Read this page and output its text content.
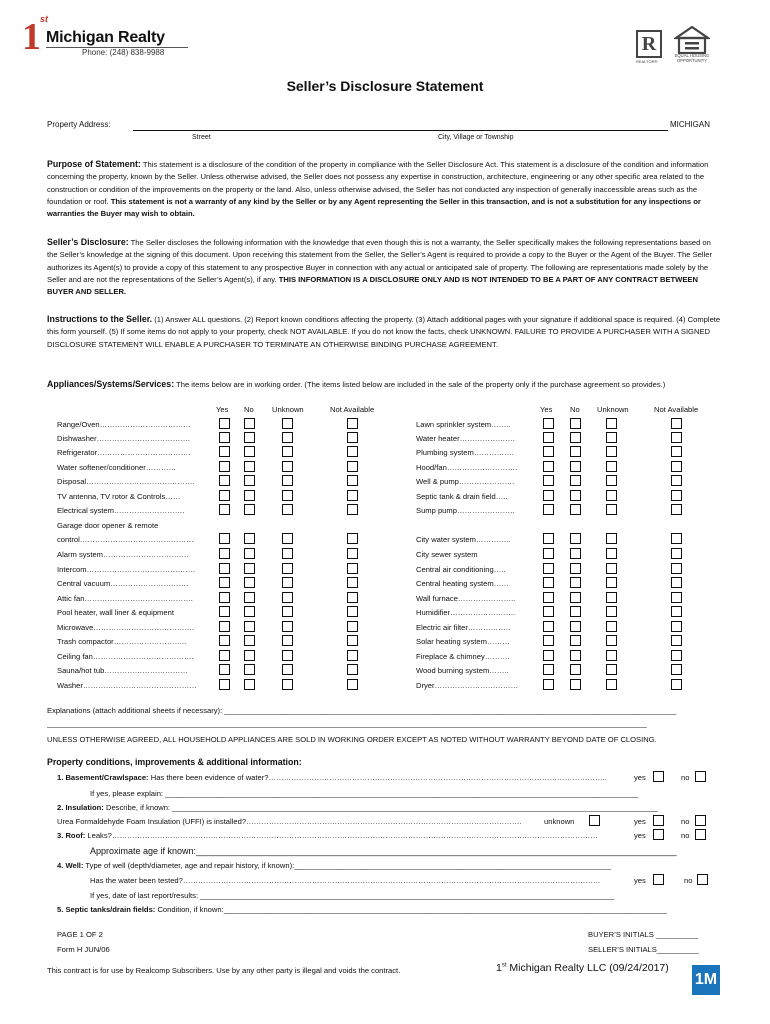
1 st
Michigan Realty
Phone: (248) 838-9988	R
REALTOR®
EQUAL HOUSING OPPORTUNITY
Seller’s Disclosure Statement
Property Address:	MICHIGAN
Street	City, Village or Township
Purpose of Statement: This statement is a disclosure of the condition of the property in compliance with the Seller Disclosure Act. This statement is a disclosure of the condition and information concerning the property, known by the Seller. Unless otherwise advised, the Seller does not possess any expertise in construction, architecture, engineering or any other specific area related to the construction or condition of the improvements on the property or the land. Also, unless otherwise advised, the Seller has not conducted any inspection of generally inaccessible areas such as the foundation or roof. This statement is not a warranty of any kind by the Seller or by any Agent representing the Seller in this transaction, and is not a substitution for any inspections or warranties the Buyer may wish to obtain.
Seller’s Disclosure: The Seller discloses the following information with the knowledge that even though this is not a warranty, the Seller specifically makes the following representations based on the Seller’s knowledge at the signing of this document. Upon receiving this statement from the Seller, the Seller’s Agent is required to provide a copy to the Buyer or the Agent of the Buyer. The Seller authorizes its Agent(s) to provide a copy of this statement to any prospective Buyer in connection with any actual or anticipated sale of property. The following are representations made solely by the Seller and are not the representations of the Seller’s Agent(s), if any. THIS INFORMATION IS A DISCLOSURE ONLY AND IS NOT INTENDED TO BE A PART OF ANY CONTRACT BETWEEN BUYER AND SELLER.
Instructions to the Seller. (1) Answer ALL questions. (2) Report known conditions affecting the property. (3) Attach additional pages with your signature if additional space is required. (4) Complete this form yourself. (5) If some items do not apply to your property, check NOT AVAILABLE. If you do not know the facts, check UNKNOWN. FAILURE TO PROVIDE A PURCHASER WITH A SIGNED DISCLOSURE STATEMENT WILL ENABLE A PURCHASER TO TERMINATE AN OTHERWISE BINDING PURCHASE AGREEMENT.
Appliances/Systems/Services: The items below are in working order. (The items listed below are included in the sale of the property only if the purchase agreement so provides.)
Yes No Unknown	Not Available	Yes No Unknown	Not Available
Range/Oven………………………………	Lawn sprinkler system……..
Dishwasher……………………………….	Water heater………………….
Refrigerator……………………………….	Plumbing system…………….
Water softener/conditioner…………	Hood/fan……………………….
Disposal…………………………………….	Well & pump………………….
TV antenna, TV rotor & Controls……	Septic tank & drain field…..
Electrical system……………………….	Sump pump…………………..
Garage door opener & remote
control………………………………………	City water system…………..
Alarm system…………………………….	City sewer system
Intercom…………………………………….	Central air conditioning…..
Central vacuum………………………….	Central heating system……
Attic fan…………………………………….	Wall furnace…………………..
Pool heater, wall liner & equipment	Humidifier……………………..
Microwave………………………………….	Electric air filter……………..
Trash compactor………………………..	Solar heating system………
Ceiling fan………………………………….	Fireplace & chimney……….
Sauna/hot tub……………………………	Wood burning system……..
Washer………………………………………	Dryer……………………………
Explanations (attach additional sheets if necessary): ___________________________________________________________________________________________________________
______________________________________________________________________________________________________________________________________________
UNLESS OTHERWISE AGREED, ALL HOUSEHOLD APPLIANCES ARE SOLD IN WORKING ORDER EXCEPT AS NOTED WITHOUT WARRANTY BEYOND DATE OF CLOSING.
Property conditions, improvements & additional information:
1. Basement/Crawlspace: Has there been evidence of water?……………………………………………………………………………………………………………………..
If yes, please explain: ________________________________________________________________________________________________________________
2. Insulation: Describe, if known: ___________________________________________________________________________________________________________________
Urea Formaldehyde Foam Insulation (UFFI) is installed?……………………………………………………………………………………………….	unknown
3. Roof: Leaks?…………………………………………………………………………………………………………………………………………………………………………
Approximate age if known:________________________________________________________________________________________________
4. Well: Type of well (depth/diameter, age and repair history, if known):___________________________________________________________________________
Has the water been tested?…………………………………………………………………………………………………………………………………………………
If yes, date of last report/results: __________________________________________________________________________________________________
5. Septic tanks/drain fields: Condition, if known:_________________________________________________________________________________________________________
yes	no
yes	no
yes	no
yes	no
PAGE 1 OF 2
Form H JUN/06
BUYER’S INITIALS __________
SELLER’S INITIALS__________
This contract is for use by Realcomp Subscribers. Use by any other party is illegal and voids the contract.	1st Michigan Realty LLC (09/24/2017)
1M
